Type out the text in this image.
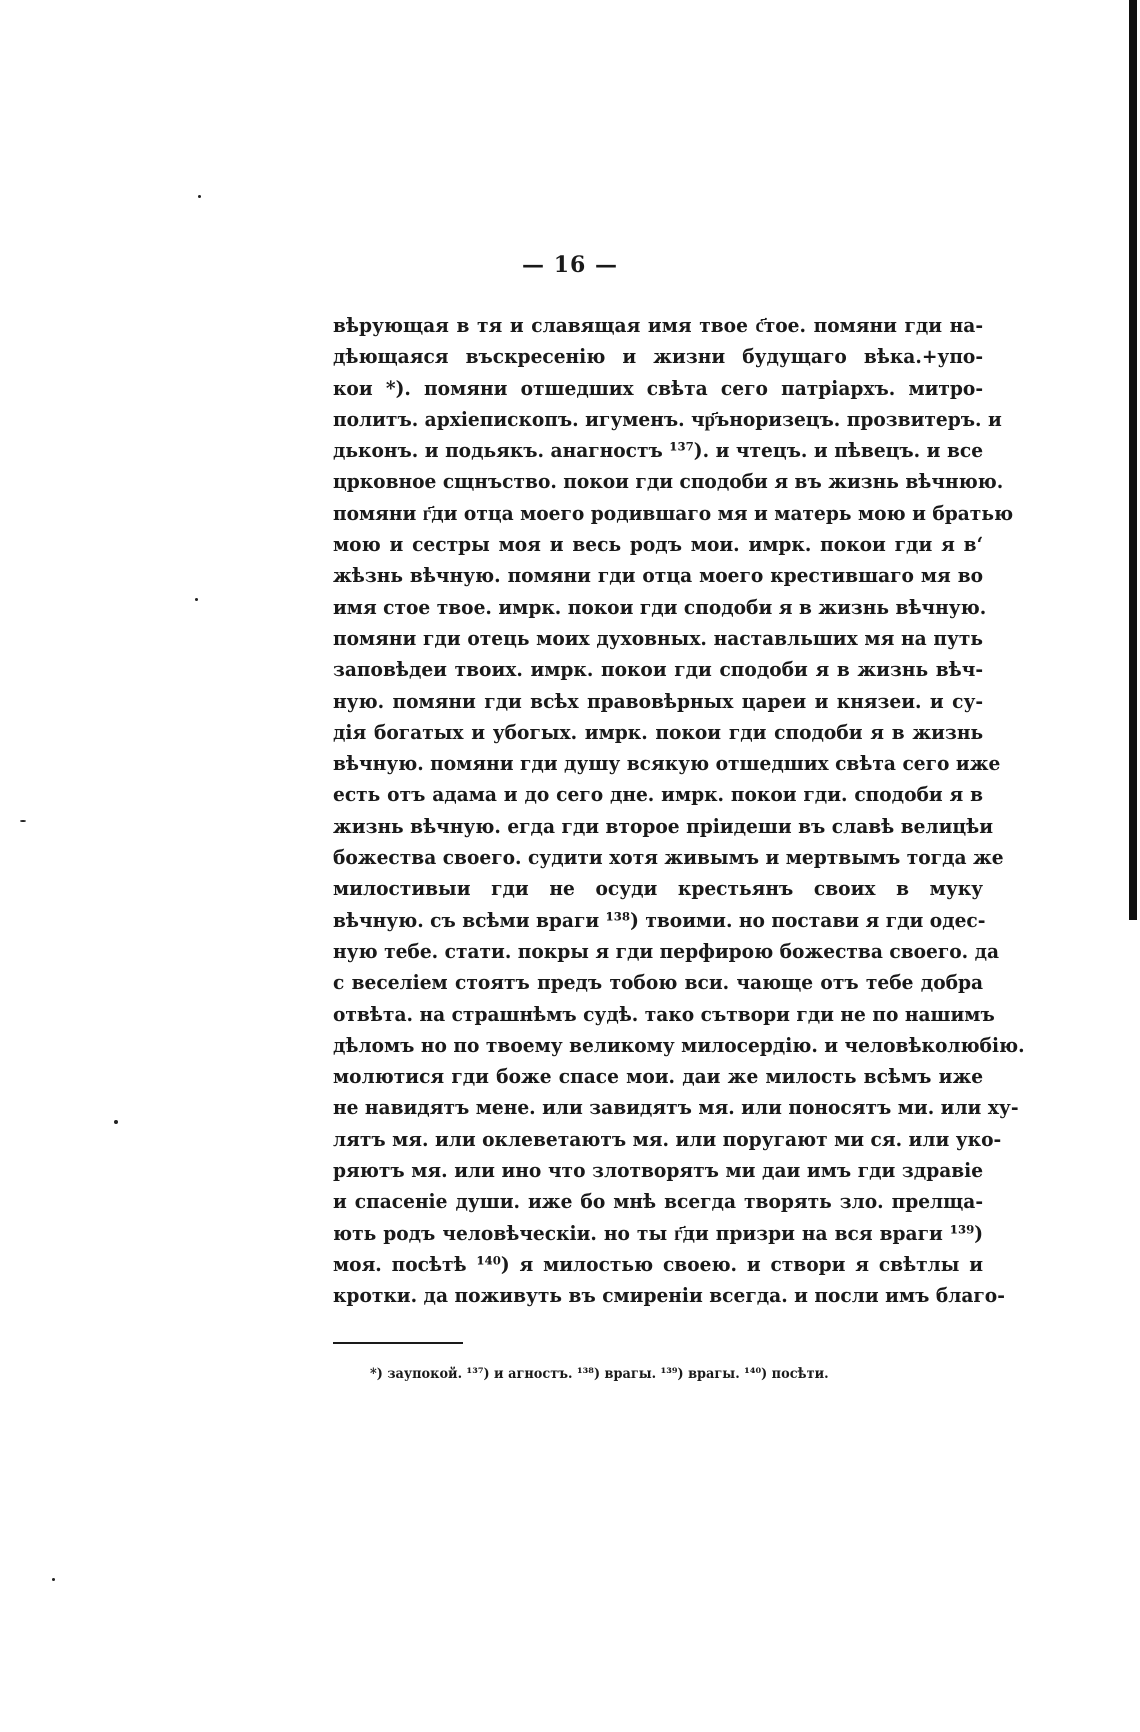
— 16 —
вѣрующая в тя и славящая имя твое с҃тое. помяни гди на-
дѣющаяся въскресенію и жизни будущаго вѣка.+упо-
кои *). помяни отшедших свѣта сего патріархъ. митро-
политъ. архіепископъ. игуменъ. чр҃ъноризецъ. прозвитеръ. и
дьконъ. и подьякъ. анагностъ ¹³⁷). и чтецъ. и пѣвецъ. и все
црковное сщнъство. покои гди сподоби я въ жизнь вѣчнюю.
помяни г҃ди отца моего родившаго мя и матерь мою и братью
мою и сестры моя и весь родъ мои. имрк. покои гди я в‘
жѣзнь вѣчную. помяни гди отца моего крестившаго мя во
имя стое твое. имрк. покои гди сподоби я в жизнь вѣчную.
помяни гди отець моих духовных. наставльших мя на путь
заповѣдеи твоих. имрк. покои гди сподоби я в жизнь вѣч-
ную. помяни гди всѣх правовѣрных цареи и князеи. и су-
дія богатых и убогых. имрк. покои гди сподоби я в жизнь
вѣчную. помяни гди душу всякую отшедших свѣта сего иже
есть отъ адама и до сего дне. имрк. покои гди. сподоби я в
жизнь вѣчную. егда гди второе пріидеши въ славѣ велицѣи
божества своего. судити хотя живымъ и мертвымъ тогда же
милостивыи гди не осуди крестьянъ своих в муку
вѣчную. съ всѣми враги ¹³⁸) твоими. но постави я гди одес-
ную тебе. стати. покры я гди перфирою божества своего. да
с веселіем стоятъ предъ тобою вси. чающе отъ тебе добра
отвѣта. на страшнѣмъ судѣ. тако сътвори гди не по нашимъ
дѣломъ но по твоему великому милосердію. и человѣколюбію.
молютися гди боже спасе мои. даи же милость всѣмъ иже
не навидятъ мене. или завидятъ мя. или поносятъ ми. или ху-
лятъ мя. или оклеветаютъ мя. или поругают ми ся. или уко-
ряютъ мя. или ино что злотворятъ ми даи имъ гди здравіе
и спасеніе души. иже бо мнѣ всегда творять зло. прелща-
ють родъ человѣческіи. но ты г҃ди призри на вся враги ¹³⁹)
моя. посѣтѣ ¹⁴⁰) я милостью своею. и створи я свѣтлы и
кротки. да поживуть въ смиреніи всегда. и посли имъ благо-
*) заупокой. ¹³⁷) и агностъ. ¹³⁸) врагы. ¹³⁹) врагы. ¹⁴⁰) посѣти.
